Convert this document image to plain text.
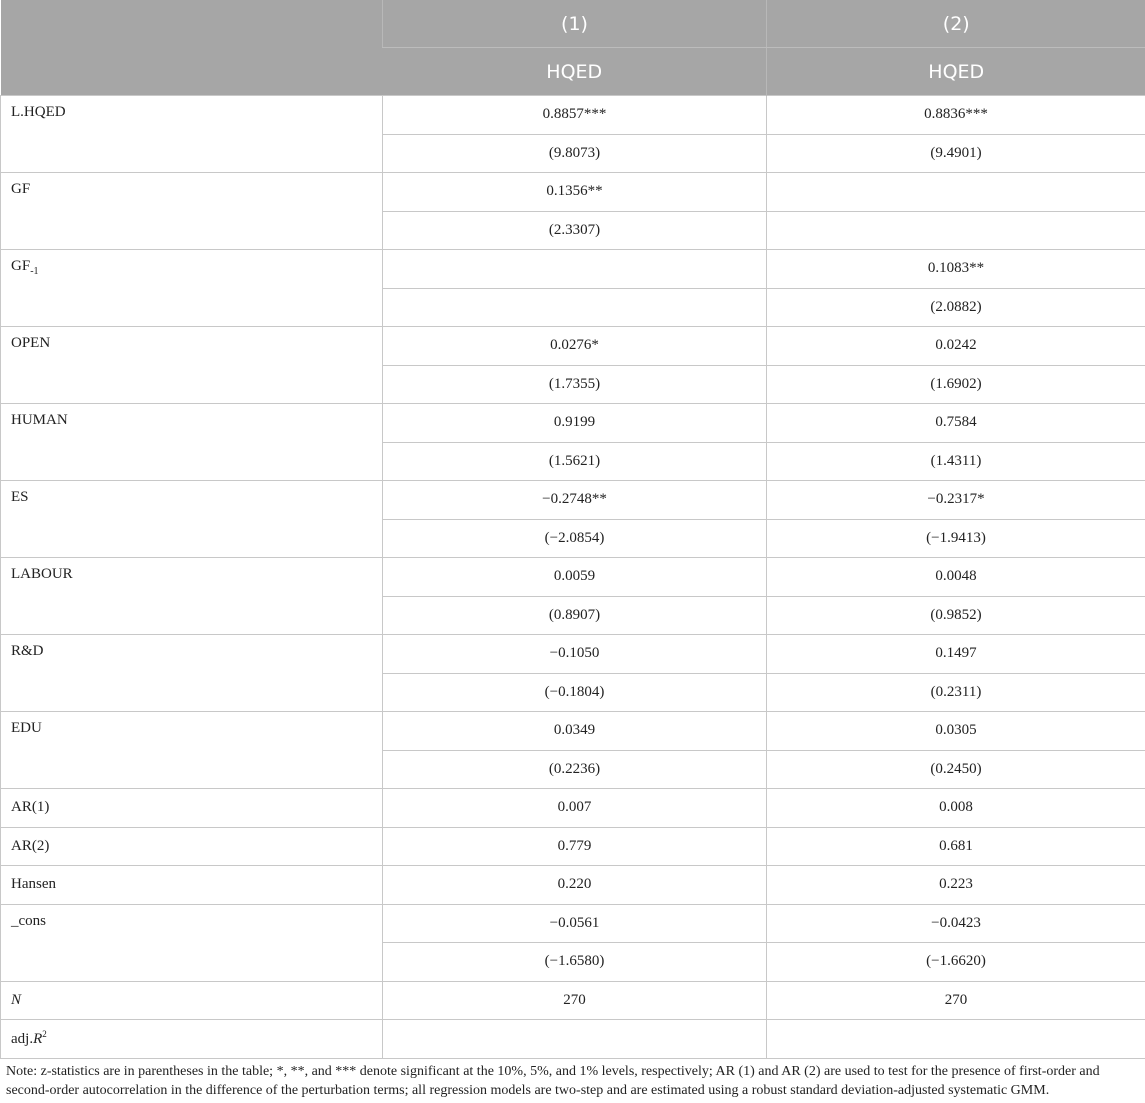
	(1)	(2)
	HQED	HQED
L.HQED	0.8857***	0.8836***
	(9.8073)	(9.4901)
GF	0.1356**	
	(2.3307)	
$GF_{-1}$		0.1083**
		(2.0882)
OPEN	0.0276*	0.0242
	(1.7355)	(1.6902)
HUMAN	0.9199	0.7584
	(1.5621)	(1.4311)
ES	−0.2748**	−0.2317*
	(−2.0854)	(−1.9413)
LABOUR	0.0059	0.0048
	(0.8907)	(0.9852)
R&D	−0.1050	0.1497
	(−0.1804)	(0.2311)
EDU	0.0349	0.0305
	(0.2236)	(0.2450)
AR(1)	0.007	0.008
AR(2)	0.779	0.681
Hansen	0.220	0.223
_cons	−0.0561	−0.0423
	(−1.6580)	(−1.6620)
N	270	270
$adj.R^2$		
Note: z-statistics are in parentheses in the table; *, **, and *** denote significant at the 10%, 5%, and 1% levels, respectively; AR (1) and AR (2) are used to test for the presence of first-order and second-order autocorrelation in the difference of the perturbation terms; all regression models are two-step and are estimated using a robust standard deviation-adjusted systematic GMM.
